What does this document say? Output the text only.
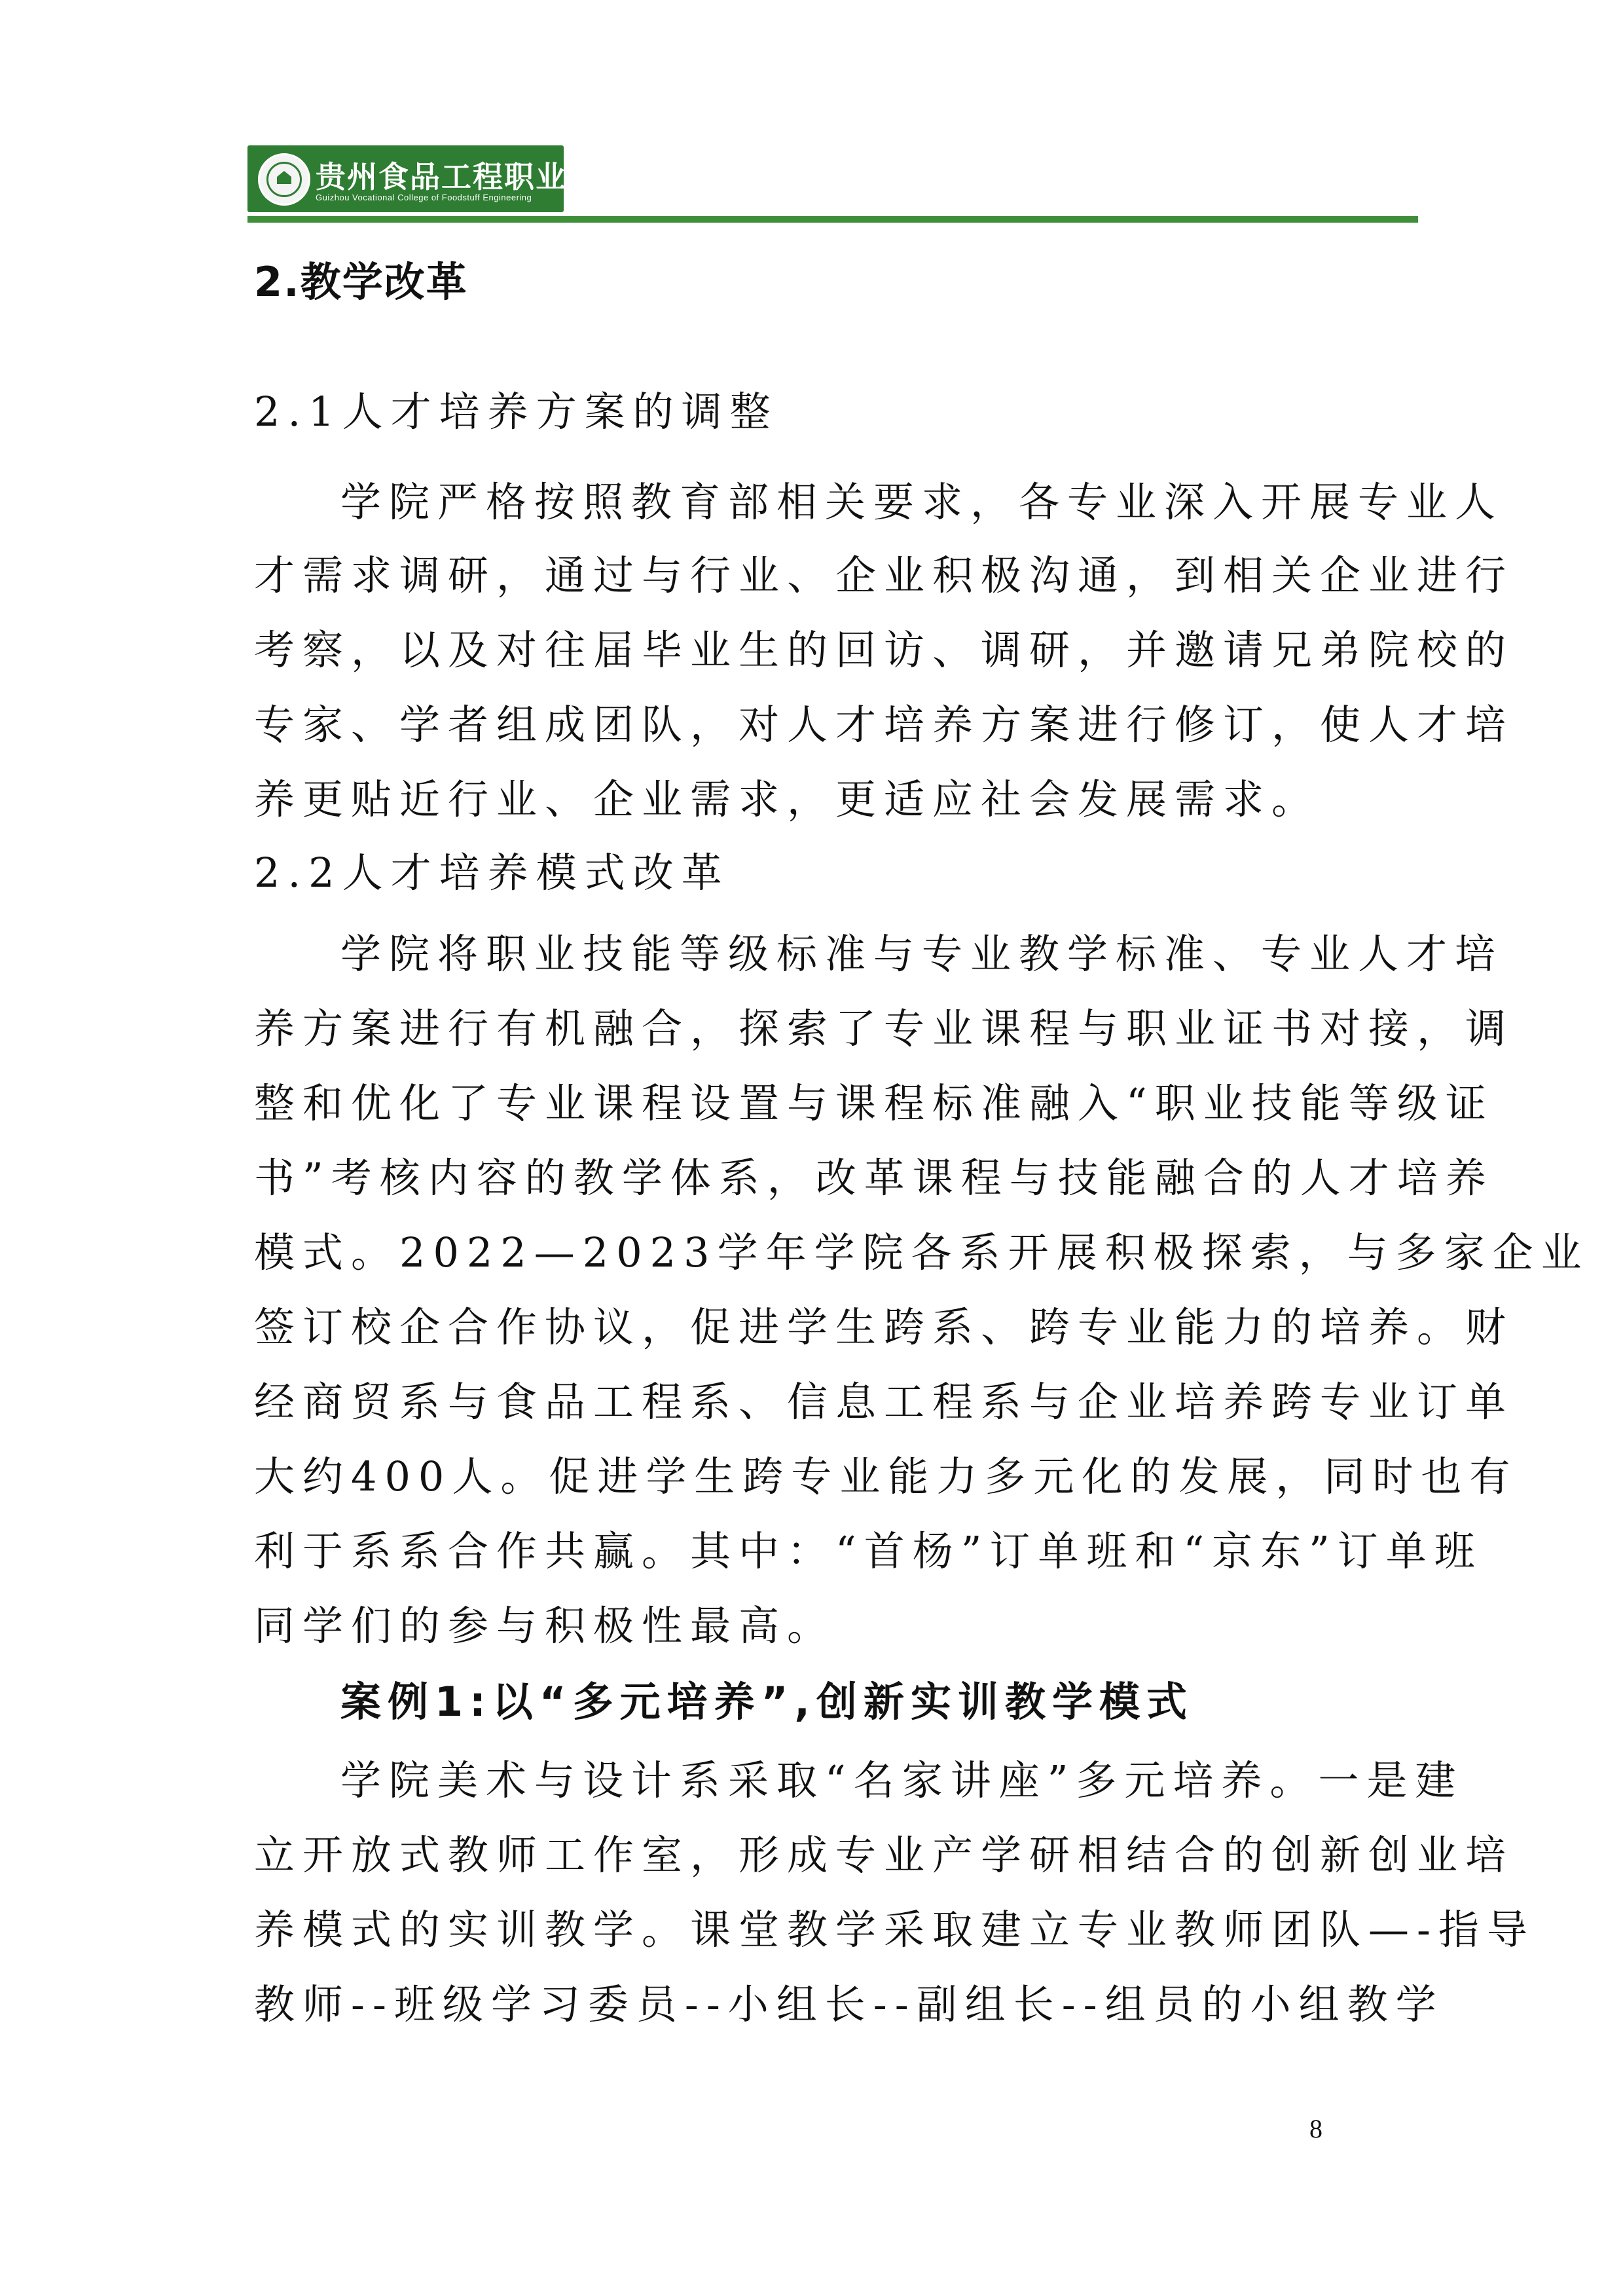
贵州食品工程职业学院
Guizhou Vocational College of Foodstuff Engineering
2.教学改革
2.1人才培养方案的调整
学院严格按照教育部相关要求，各专业深入开展专业人
才需求调研，通过与行业、企业积极沟通，到相关企业进行
考察，以及对往届毕业生的回访、调研，并邀请兄弟院校的
专家、学者组成团队，对人才培养方案进行修订，使人才培
养更贴近行业、企业需求，更适应社会发展需求。
2.2人才培养模式改革
学院将职业技能等级标准与专业教学标准、专业人才培
养方案进行有机融合，探索了专业课程与职业证书对接，调
整和优化了专业课程设置与课程标准融入“职业技能等级证
书”考核内容的教学体系，改革课程与技能融合的人才培养
模式。2022—2023学年学院各系开展积极探索，与多家企业
签订校企合作协议，促进学生跨系、跨专业能力的培养。财
经商贸系与食品工程系、信息工程系与企业培养跨专业订单
大约400人。促进学生跨专业能力多元化的发展，同时也有
利于系系合作共赢。其中：“首杨”订单班和“京东”订单班
同学们的参与积极性最高。
案例1:以“多元培养”,创新实训教学模式
学院美术与设计系采取“名家讲座”多元培养。一是建
立开放式教师工作室，形成专业产学研相结合的创新创业培
养模式的实训教学。课堂教学采取建立专业教师团队—-指导
教师--班级学习委员--小组长--副组长--组员的小组教学
8
